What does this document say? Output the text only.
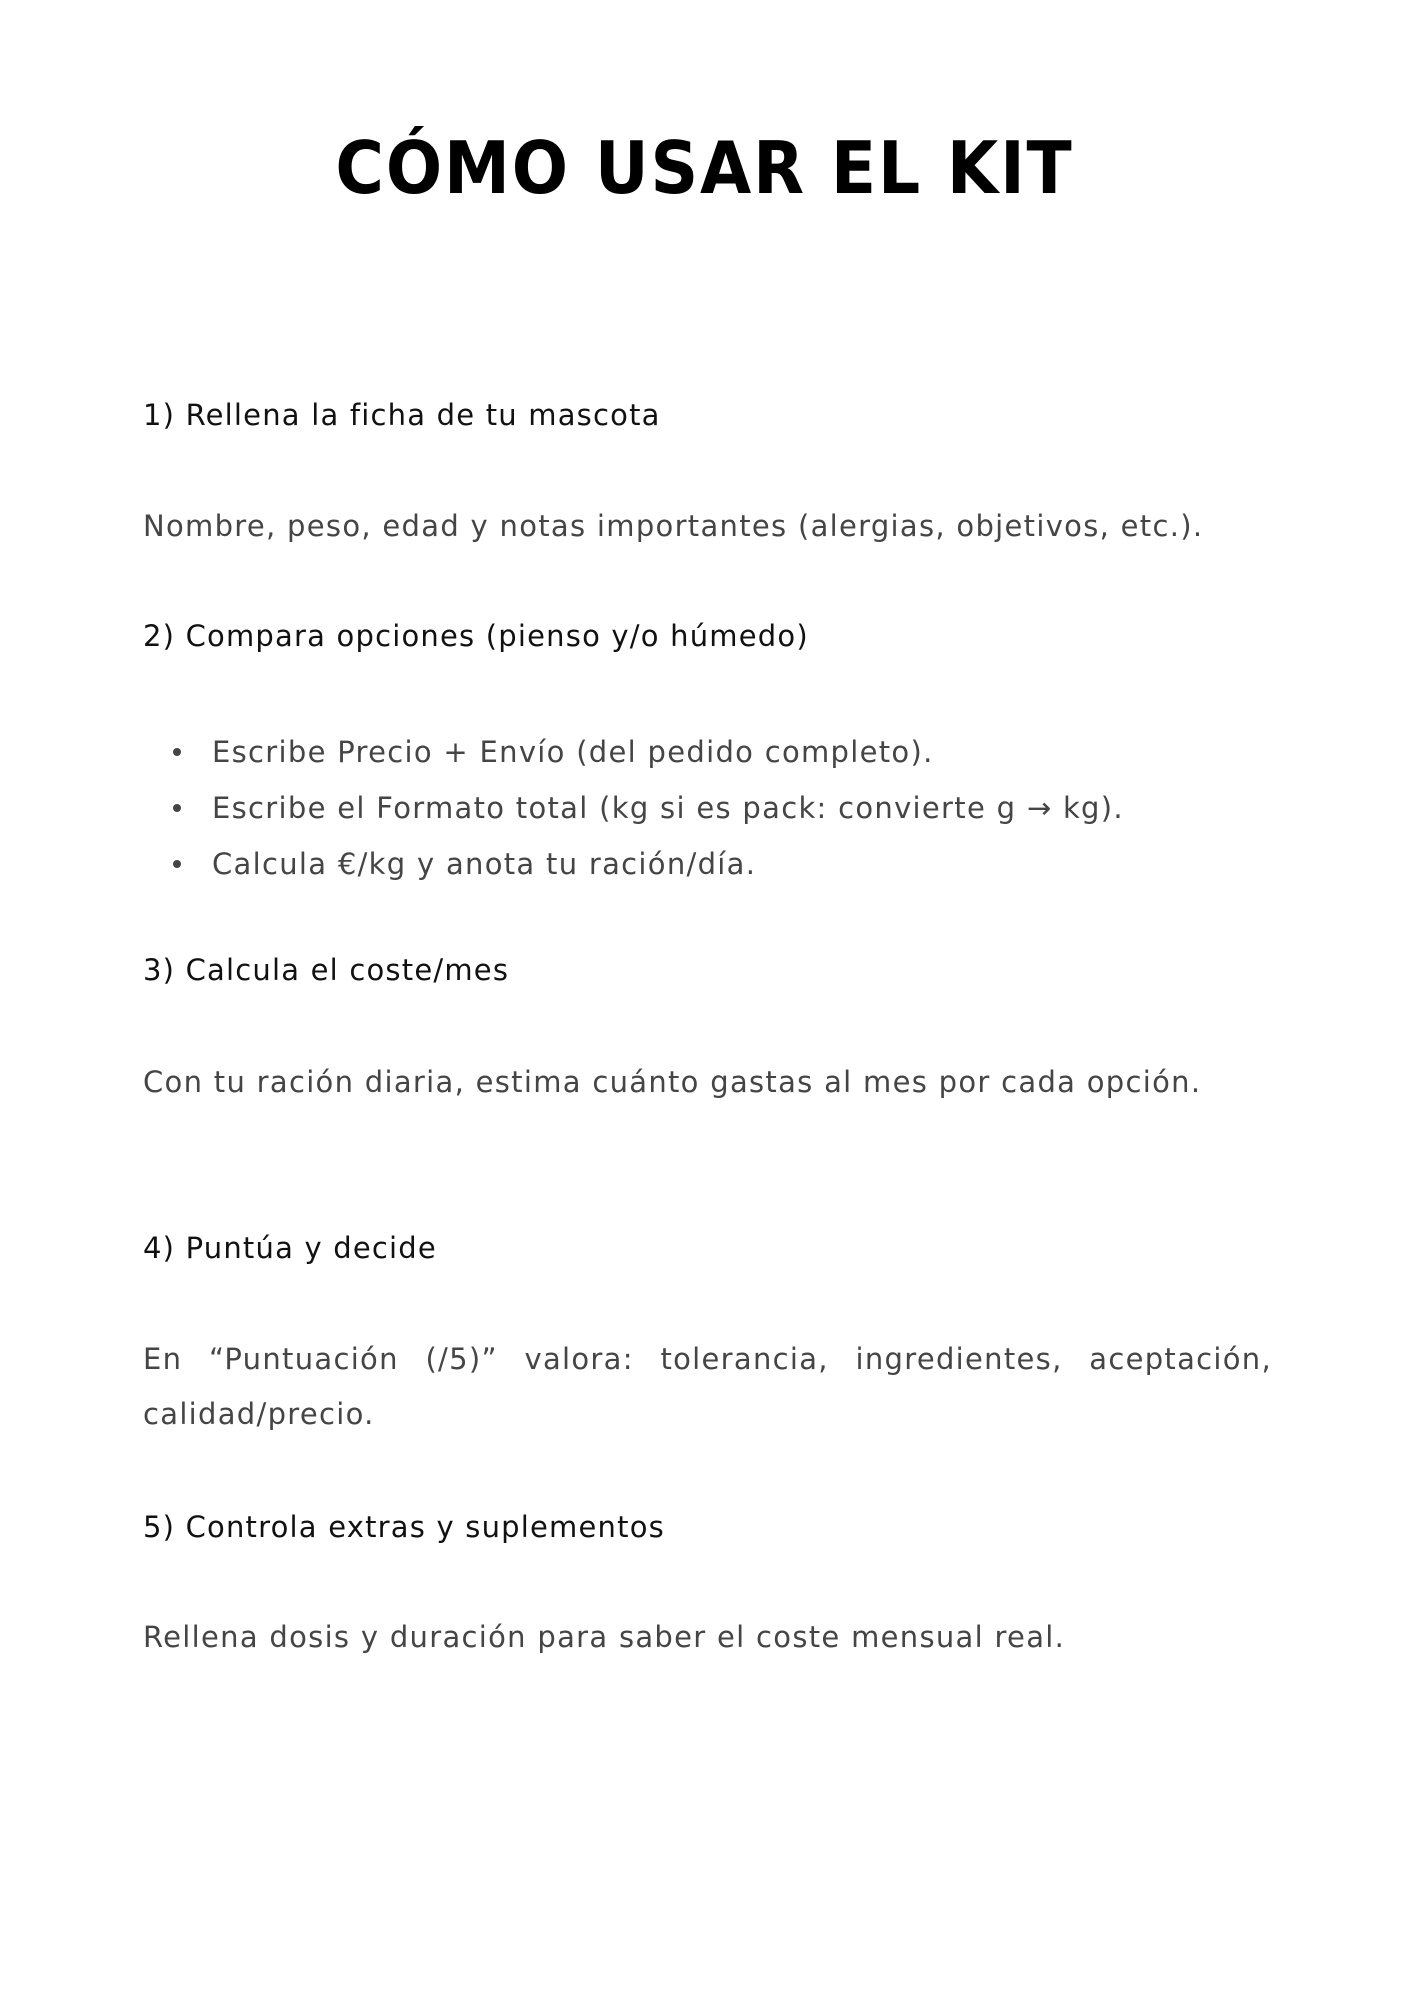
CÓMO USAR EL KIT
1) Rellena la ficha de tu mascota
Nombre, peso, edad y notas importantes (alergias, objetivos, etc.).
2) Compara opciones (pienso y/o húmedo)
Escribe Precio + Envío (del pedido completo).
Escribe el Formato total (kg si es pack: convierte g → kg).
Calcula €/kg y anota tu ración/día.
3) Calcula el coste/mes
Con tu ración diaria, estima cuánto gastas al mes por cada opción.
4) Puntúa y decide
En “Puntuación (/5)” valora: tolerancia, ingredientes, aceptación, calidad/precio.
5) Controla extras y suplementos
Rellena dosis y duración para saber el coste mensual real.
